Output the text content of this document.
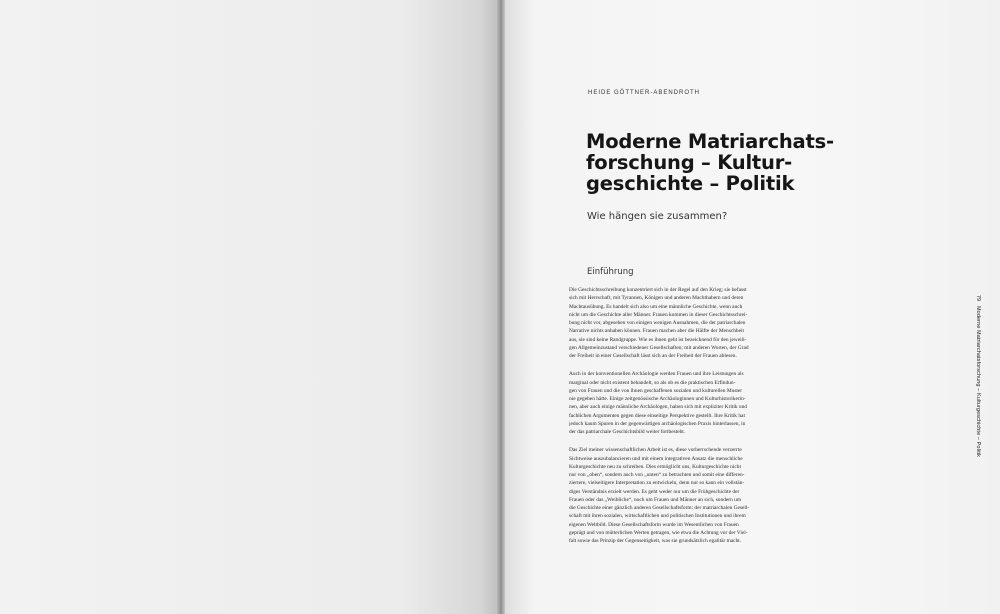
HEIDE GÖTTNER-ABENDROTH
Moderne Matriarchats-
forschung – Kultur-
geschichte – Politik
Wie hängen sie zusammen?
Einführung

Die Geschichtsschreibung konzentriert sich in der Regel auf den Krieg; sie befasst
sich mit Herrschaft, mit Tyrannen, Königen und anderen Machthabern und deren
Machtausübung. Es handelt sich also um eine männliche Geschichte, wenn auch
nicht um die Geschichte aller Männer. Frauen kommen in dieser Geschichtsschrei-
bung nicht vor, abgesehen von einigen wenigen Ausnahmen, die der patriarchalen
Narrative nichts anhaben können. Frauen machen aber die Hälfte der Menschheit
aus, sie sind keine Randgruppe. Wie es ihnen geht ist bezeichnend für den jeweili-
gen Allgemeinzustand verschiedener Gesellschaften; mit anderen Worten, der Grad
der Freiheit in einer Gesellschaft lässt sich an der Freiheit der Frauen ablesen.

Auch in der konventionellen Archäologie werden Frauen und ihre Leistungen als
marginal oder nicht existent behandelt, so als ob es die praktischen Erfindun-
gen von Frauen und die von ihnen geschaffenen sozialen und kulturellen Muster
nie gegeben hätte. Einige zeitgenössische Archäologinnen und Kulturhistorikerin-
nen, aber auch einige männliche Archäologen, haben sich mit expliziter Kritik und
fachlichen Argumenten gegen diese einseitige Perspektive gestellt. Ihre Kritik hat
jedoch kaum Spuren in der gegenwärtigen archäologischen Praxis hinterlassen, in
der das patriarchale Geschichtsbild weiter fortbesteht.

Das Ziel meiner wissenschaftlichen Arbeit ist es, diese vorherrschende verzerrte
Sichtweise auszubalancieren und mit einem integrativen Ansatz die menschliche
Kulturgeschichte neu zu schreiben. Dies ermöglicht uns, Kulturgeschichte nicht
nur von „oben“, sondern auch von „unten“ zu betrachten und somit eine differen-
ziertere, vielseitigere Interpretation zu entwickeln, denn nur so kann ein vollstän-
diges Verständnis erzielt werden. Es geht weder nur um die Frühgeschichte der
Frauen oder das „Weibliche“, noch um Frauen und Männer an sich, sondern um
die Geschichte einer gänzlich anderen Gesellschaftsform: der matriarchalen Gesell-
schaft mit ihren sozialen, wirtschaftlichen und politischen Institutionen und ihrem
eigenen Weltbild. Diese Gesellschaftsform wurde im Wesentlichen von Frauen
geprägt und von mütterlichen Werten getragen, wie etwa die Achtung vor der Viel-
falt sowie das Prinzip der Gegenseitigkeit, was sie grundsätzlich egalitär macht.

79
Moderne Matriarchatsforschung – Kulturgeschichte – Politik
